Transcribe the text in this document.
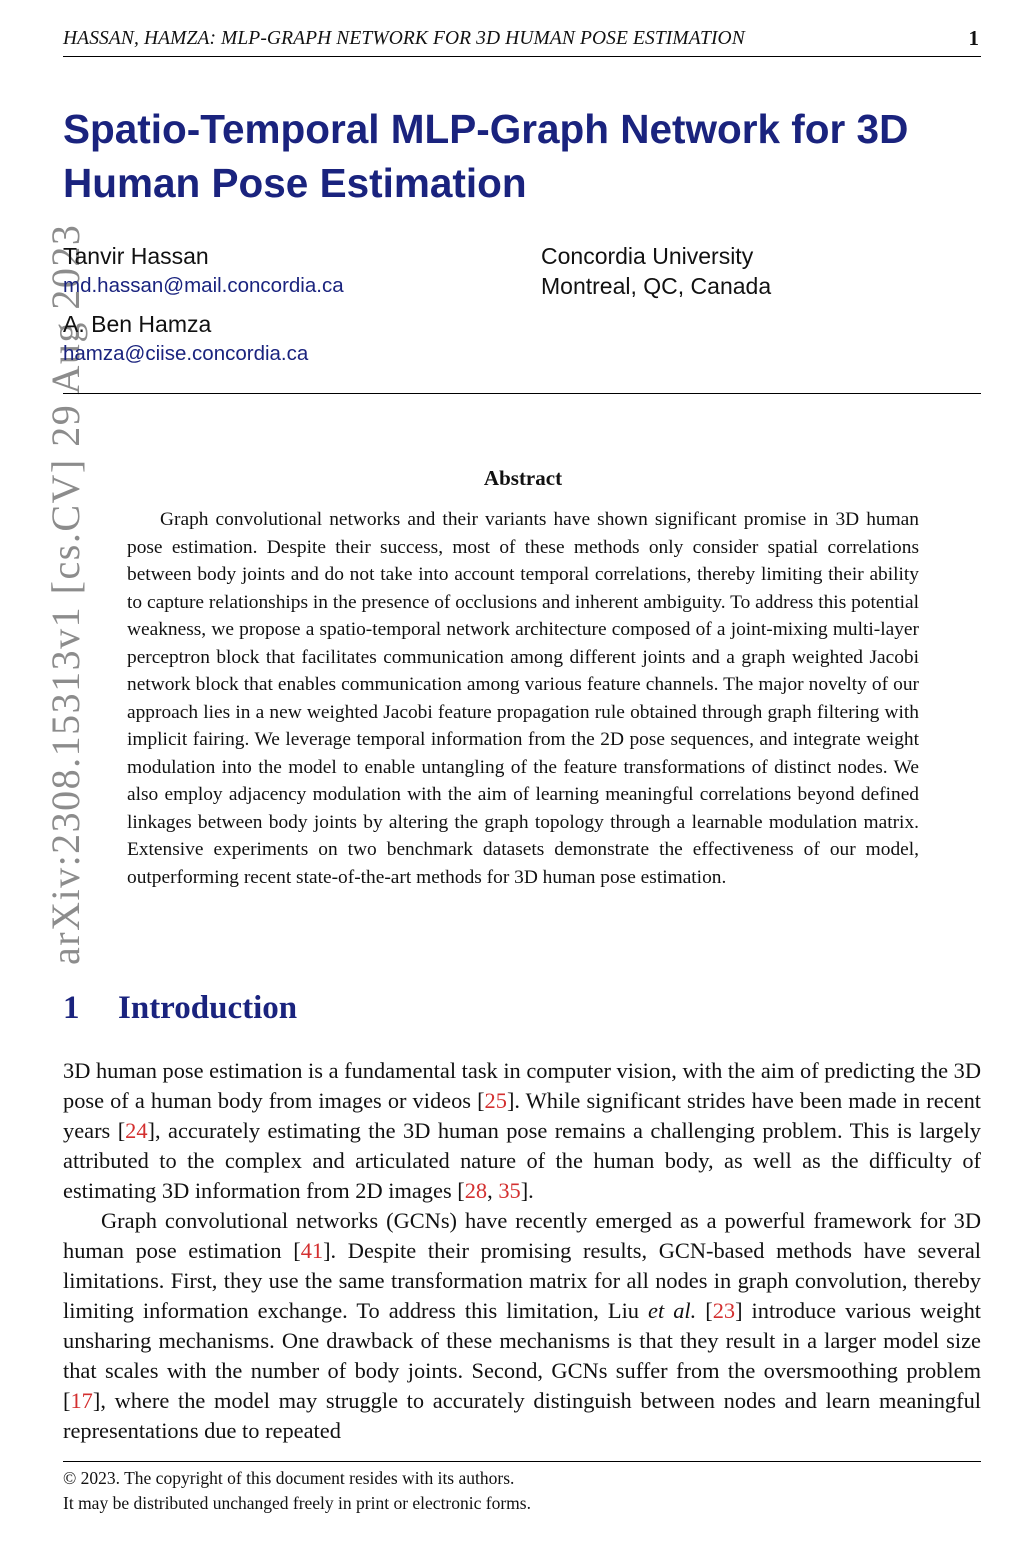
HASSAN, HAMZA: MLP-GRAPH NETWORK FOR 3D HUMAN POSE ESTIMATION	1
arXiv:2308.15313v1 [cs.CV] 29 Aug 2023
Spatio-Temporal MLP-Graph Network for 3D
Human Pose Estimation
Tanvir Hassan
md.hassan@mail.concordia.ca
A. Ben Hamza
hamza@ciise.concordia.ca
Concordia University
Montreal, QC, Canada
Abstract

Graph convolutional networks and their variants have shown significant promise in 3D human pose estimation. Despite their success, most of these methods only consider spatial correlations between body joints and do not take into account temporal correlations, thereby limiting their ability to capture relationships in the presence of occlusions and inherent ambiguity. To address this potential weakness, we propose a spatio-temporal network architecture composed of a joint-mixing multi-layer perceptron block that facilitates communication among different joints and a graph weighted Jacobi network block that enables communication among various feature channels. The major novelty of our approach lies in a new weighted Jacobi feature propagation rule obtained through graph filtering with implicit fairing. We leverage temporal information from the 2D pose sequences, and integrate weight modulation into the model to enable untangling of the feature transformations of distinct nodes. We also employ adjacency modulation with the aim of learning meaningful correlations beyond defined linkages between body joints by altering the graph topology through a learnable modulation matrix. Extensive experiments on two benchmark datasets demonstrate the effectiveness of our model, outperforming recent state-of-the-art methods for 3D human pose estimation.

1 Introduction

3D human pose estimation is a fundamental task in computer vision, with the aim of predicting the 3D pose of a human body from images or videos [25]. While significant strides have been made in recent years [24], accurately estimating the 3D human pose remains a challenging problem. This is largely attributed to the complex and articulated nature of the human body, as well as the difficulty of estimating 3D information from 2D images [28, 35].

Graph convolutional networks (GCNs) have recently emerged as a powerful framework for 3D human pose estimation [41]. Despite their promising results, GCN-based methods have several limitations. First, they use the same transformation matrix for all nodes in graph convolution, thereby limiting information exchange. To address this limitation, Liu et al. [23] introduce various weight unsharing mechanisms. One drawback of these mechanisms is that they result in a larger model size that scales with the number of body joints. Second, GCNs suffer from the oversmoothing problem [17], where the model may struggle to accurately distinguish between nodes and learn meaningful representations due to repeated

© 2023. The copyright of this document resides with its authors.
It may be distributed unchanged freely in print or electronic forms.
